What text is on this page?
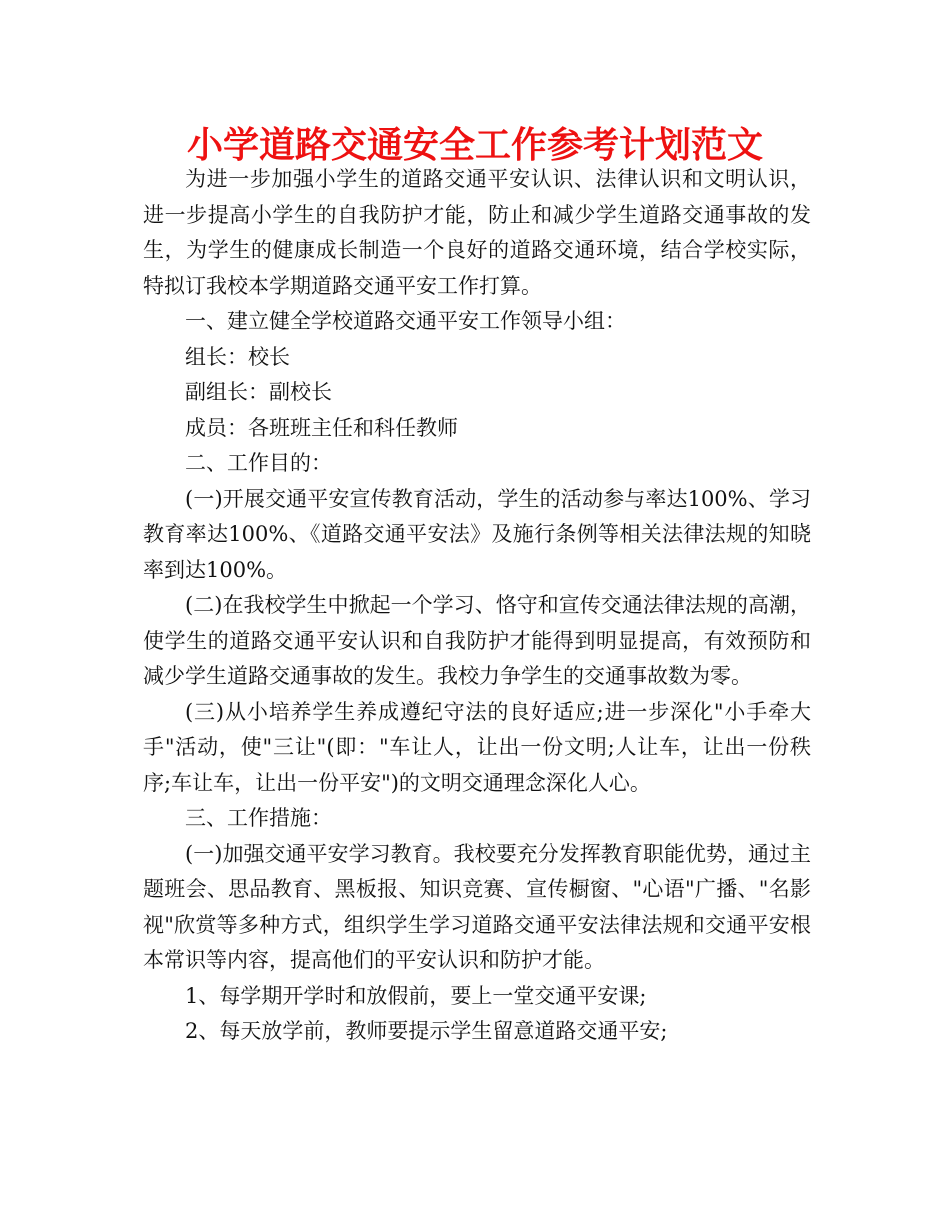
小学道路交通安全工作参考计划范文

为进一步加强小学生的道路交通平安认识、法律认识和文明认识，进一步提高小学生的自我防护才能，防止和减少学生道路交通事故的发生，为学生的健康成长制造一个良好的道路交通环境，结合学校实际，特拟订我校本学期道路交通平安工作打算。

一、建立健全学校道路交通平安工作领导小组：

组长：校长

副组长：副校长

成员：各班班主任和科任教师

二、工作目的：

(一)开展交通平安宣传教育活动，学生的活动参与率达100%、学习教育率达100%、《道路交通平安法》及施行条例等相关法律法规的知晓率到达100%。

(二)在我校学生中掀起一个学习、恪守和宣传交通法律法规的高潮，使学生的道路交通平安认识和自我防护才能得到明显提高，有效预防和减少学生道路交通事故的发生。我校力争学生的交通事故数为零。

(三)从小培养学生养成遵纪守法的良好适应;进一步深化"小手牵大手"活动，使"三让"(即："车让人，让出一份文明;人让车，让出一份秩序;车让车，让出一份平安")的文明交通理念深化人心。

三、工作措施：

(一)加强交通平安学习教育。我校要充分发挥教育职能优势，通过主题班会、思品教育、黑板报、知识竞赛、宣传橱窗、"心语"广播、"名影视"欣赏等多种方式，组织学生学习道路交通平安法律法规和交通平安根本常识等内容，提高他们的平安认识和防护才能。

1、每学期开学时和放假前，要上一堂交通平安课;

2、每天放学前，教师要提示学生留意道路交通平安;
